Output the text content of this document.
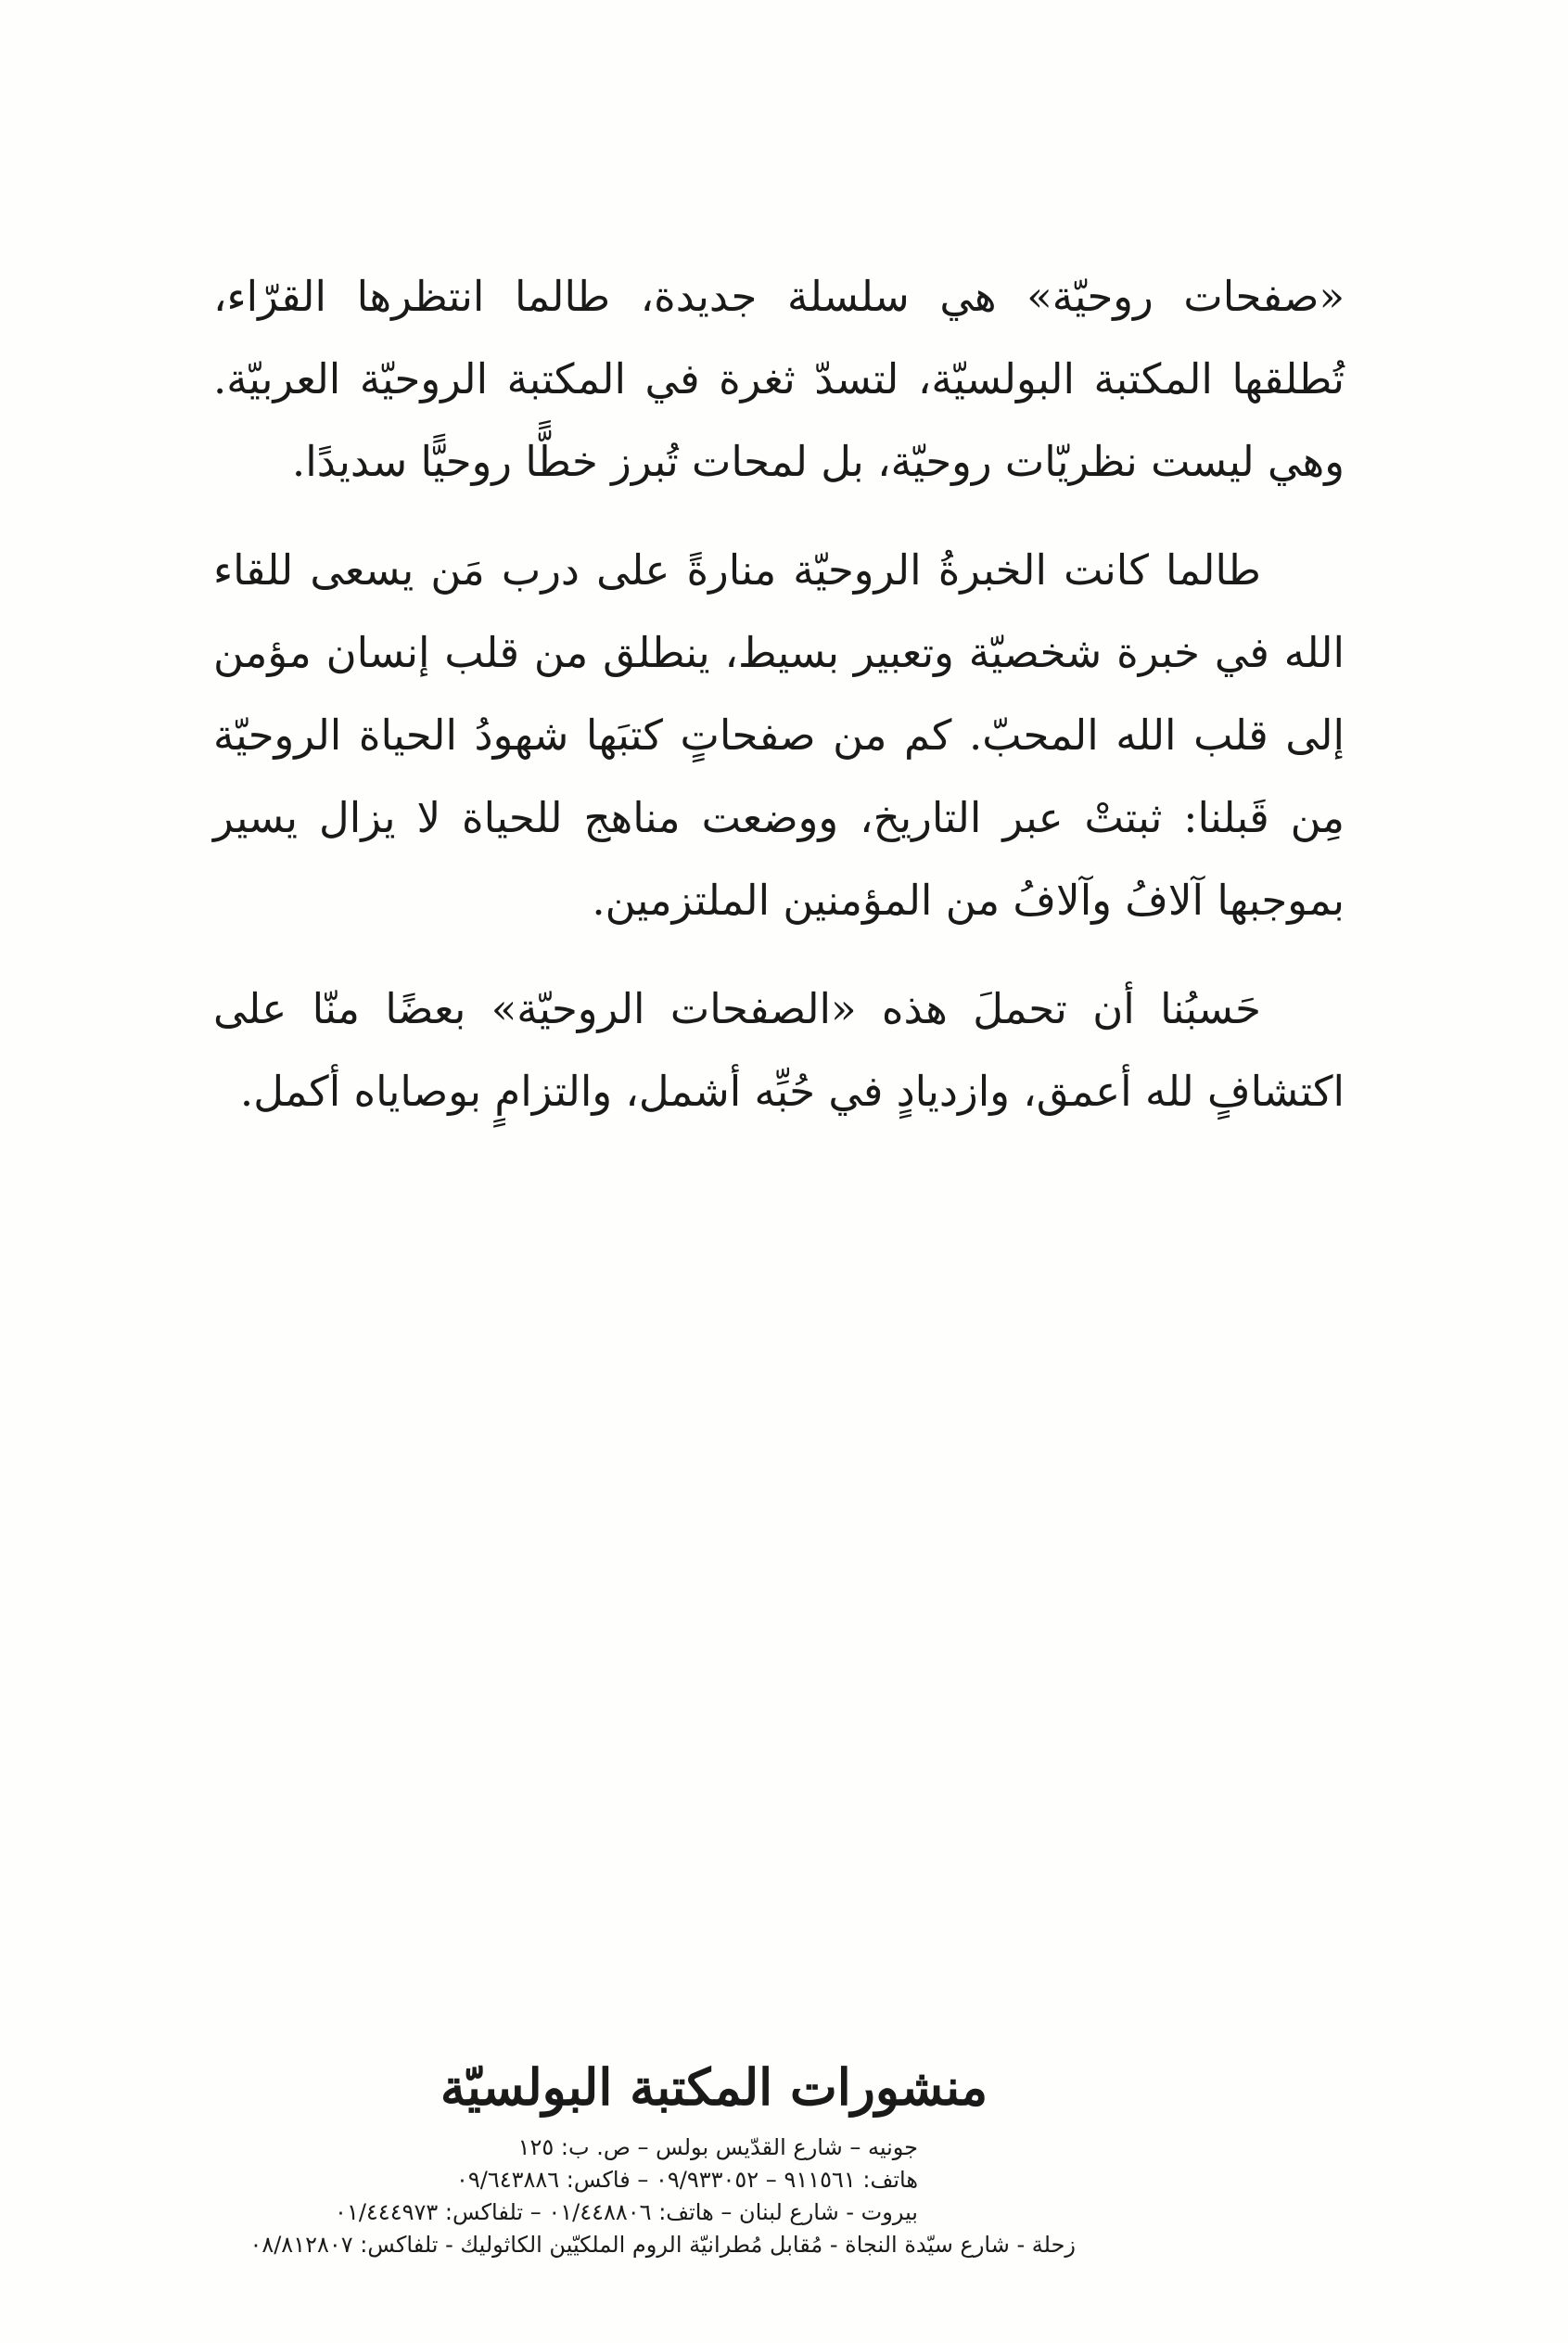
«صفحات روحيّة» هي سلسلة جديدة، طالما انتظرها القرّاء، تُطلقها المكتبة البولسيّة، لتسدّ ثغرة في المكتبة الروحيّة العربيّة. وهي ليست نظريّات روحيّة، بل لمحات تُبرز خطًّا روحيًّا سديدًا.

طالما كانت الخبرةُ الروحيّة منارةً على درب مَن يسعى للقاء الله في خبرة شخصيّة وتعبير بسيط، ينطلق من قلب إنسان مؤمن إلى قلب الله المحبّ. كم من صفحاتٍ كتبَها شهودُ الحياة الروحيّة مِن قَبلنا: ثبتتْ عبر التاريخ، ووضعت مناهج للحياة لا يزال يسير بموجبها آلافُ وآلافُ من المؤمنين الملتزمين.

حَسبُنا أن تحملَ هذه «الصفحات الروحيّة» بعضًا منّا على اكتشافٍ لله أعمق، وازديادٍ في حُبِّه أشمل، والتزامٍ بوصاياه أكمل.

منشورات المكتبة البولسيّة
جونيه – شارع القدّيس بولس – ص. ب: ١٢٥
هاتف: ٩١١٥٦١ – ٠٩/٩٣٣٠٥٢ – فاكس: ٠٩/٦٤٣٨٨٦
بيروت - شارع لبنان – هاتف: ٠١/٤٤٨٨٠٦ – تلفاكس: ٠١/٤٤٤٩٧٣
زحلة - شارع سيّدة النجاة - مُقابل مُطرانيّة الروم الملكيّين الكاثوليك - تلفاكس: ٠٨/٨١٢٨٠٧
